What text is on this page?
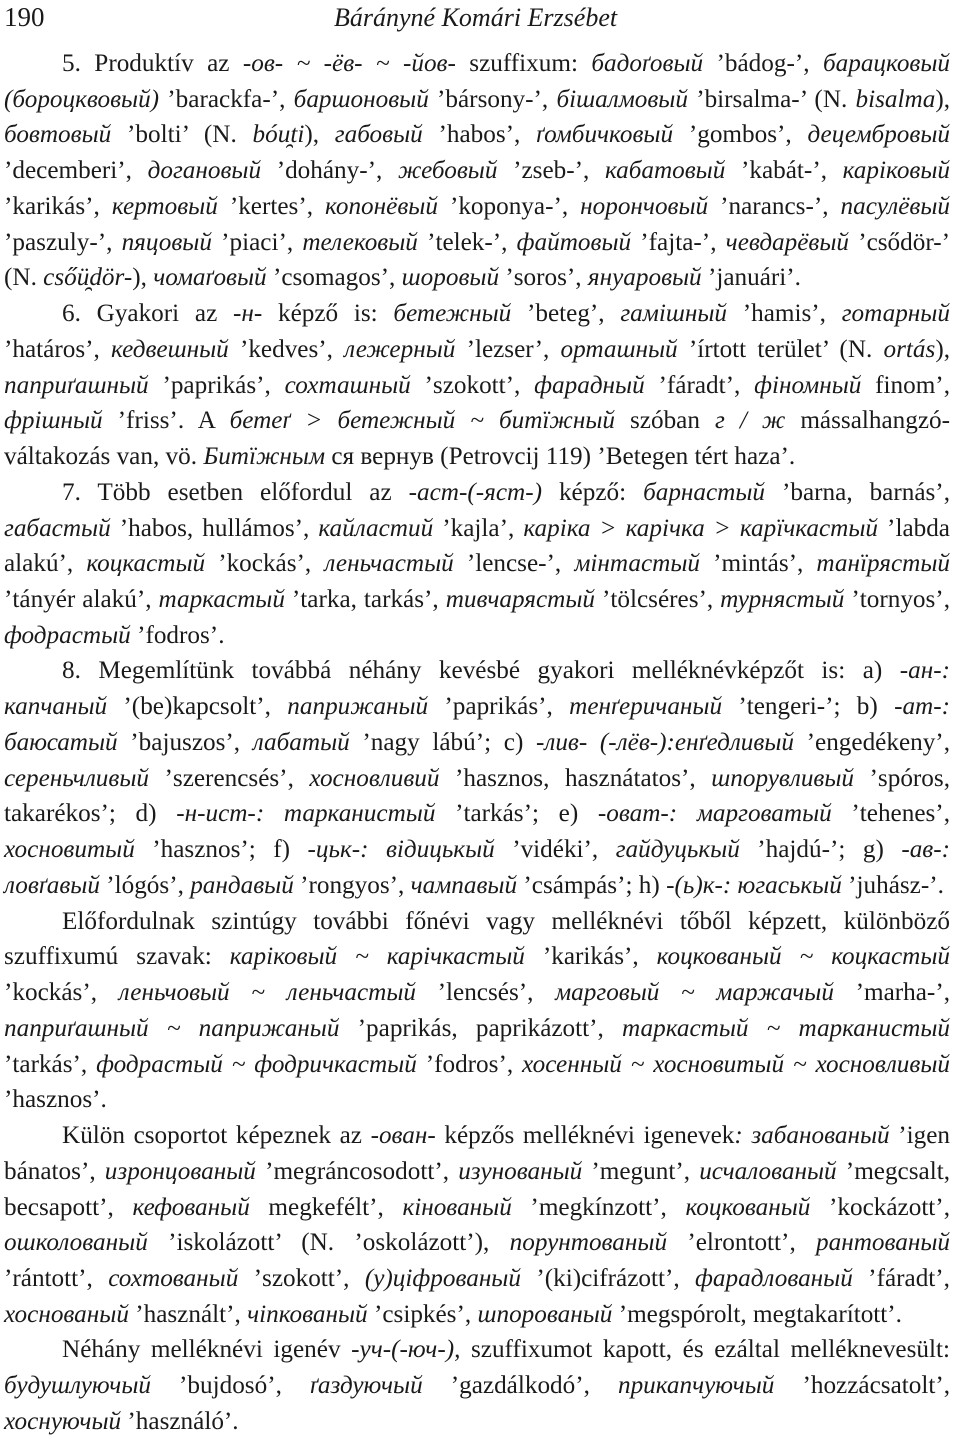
190	Bárányné Komári Erzsébet

5. Produktív az -ов- ~ -ёв- ~ -йов- szuffixum: бадоґовый ’bádog-’, барацковый (бороцквовый) ’barackfa-’, баршоновый ’bársony-’, бішалмовый ’birsalma-’ (N. bisalma), бовтовый ’bolti’ (N. bóu̯ti), габовый ’habos’, ґомбичковый ’gombos’, децембровый ’decemberi’, доганoвый ’dohány-’, жебовый ’zseb-’, кабатовый ’kabát-’, каріковый ’karikás’, кертовый ’kertes’, копонёвый ’koponya-’, норончовый ’narancs-’, пасулёвый ’paszuly-’, пяцовый ’piaci’, телековый ’telek-’, файтовый ’fajta-’, чевдарёвый ’csődör-’ (N. csőü̯dör-), чомаґовый ’csomagos’, шоровый ’soros’, януаровый ’januári’.

6. Gyakori az -н- képző is: бетежный ’beteg’, гамішный ’hamis’, готарный ’határos’, кедвешный ’kedves’, лежерный ’lezser’, орташный ’írtott terület’ (N. ortás), паприґашный ’paprikás’, сохташный ’szokott’, фарадный ’fáradt’, фіномный finom’, фрішный ’friss’. A бетеґ > бетежный ~ битїжный szóban г / ж mássalhangzó-váltakozás van, vö. Битїжным ся вернув (Petrovcij 119) ’Betegen tért haza’.

7. Több esetben előfordul az -аст-(-яст-) képző: барнастый ’barna, barnás’, габастый ’habos, hullámos’, кайластий ’kajla’, каріка > карічка > карїчкастый ’labda alakú’, коцкастый ’kockás’, леньчастый ’lencse-’, мінтастый ’mintás’, танїрястый ’tányér alakú’, таркастый ’tarka, tarkás’, тивчарястый ’tölcséres’, турнястый ’tornyos’, фодрастый ’fodros’.

8. Megemlítünk továbbá néhány kevésbé gyakori melléknévképzőt is: a) -ан-: капчаный ’(be)kapcsolt’, паприжаный ’paprikás’, тенґеричаный ’tengeri-’; b) -ат-: баюсатый ’bajuszos’, лабатый ’nagy lábú’; c) -лив- (-лёв-):енґедливый ’engedékeny’, сереньчливый ’szerencsés’, хосновливий ’hasznos, hasznátatos’, шпорувливый ’spóros, takarékos’; d) -н-ист-: тарканистый ’tarkás’; e) -оват-: марговатый ’tehenes’, хосновитый ’hasznos’; f) -цьк-: відицькый ’vidéki’, гайдуцькый ’hajdú-’; g) -ав-: ловґавый ’lógós’, рандавый ’rongyos’, чампавый ’csámpás’; h) -(ь)к-: югаськый ’juhász-’.

Előfordulnak szintúgy további főnévi vagy melléknévi tőből képzett, különböző szuffixumú szavak: каріковый ~ карічкастый ’karikás’, коцкованый ~ коцкастый ’kockás’, леньчовый ~ леньчастый ’lencsés’, марговый ~ маржачый ’marha-’, паприґашный ~ паприжаный ’paprikás, paprikázott’, таркастый ~ тарканистый ’tarkás’, фодрастый ~ фодричкастый ’fodros’, хосенный ~ хосновитый ~ хосновливый ’hasznos’.

Külön csoportot képeznek az -ован- képzős melléknévi igenevek: забанованый ’igen bánatos’, изронцованый ’megráncosodott’, изунованый ’megunt’, исчалованый ’megcsalt, becsapott’, кефованый megkefélt’, кінованый ’megkínzott’, коцкованый ’kockázott’, ошколованый ’iskolázott’ (N. ’oskolázott’), порунтованый ’elrontott’, рантованый ’rántott’, сохтованый ’szokott’, (у)ціфрованый ’(ki)cifrázott’, фарадлованый ’fáradt’, хоснованый ’használt’, чіпкованый ’csipkés’, шпорованый ’megspórolt, megtakarított’.

Néhány melléknévi igenév -уч-(-юч-), szuffixumot kapott, és ezáltal melléknevesült: будушлуючый ’bujdosó’, ґаздуючый ’gazdálkodó’, прикапчуючый ’hozzácsatolt’, хоснуючый ’használó’.
